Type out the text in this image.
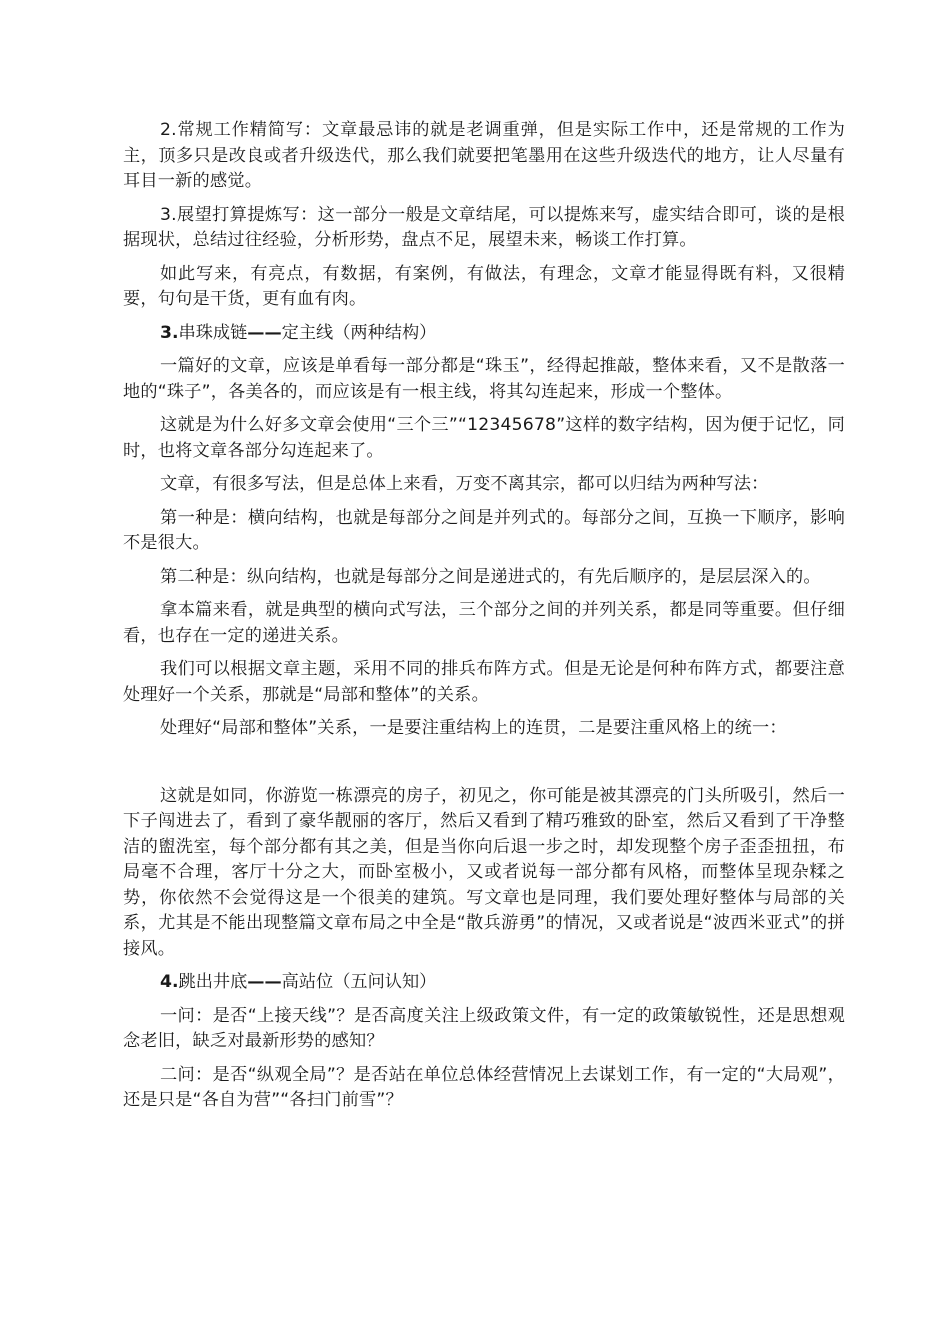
2.常规工作精简写：文章最忌讳的就是老调重弹，但是实际工作中，还是常规的工作为主，顶多只是改良或者升级迭代，那么我们就要把笔墨用在这些升级迭代的地方，让人尽量有耳目一新的感觉。

3.展望打算提炼写：这一部分一般是文章结尾，可以提炼来写，虚实结合即可，谈的是根据现状，总结过往经验，分析形势，盘点不足，展望未来，畅谈工作打算。

如此写来，有亮点，有数据，有案例，有做法，有理念，文章才能显得既有料，又很精要，句句是干货，更有血有肉。

3.串珠成链——定主线（两种结构）

一篇好的文章，应该是单看每一部分都是“珠玉”，经得起推敲，整体来看，又不是散落一地的“珠子”，各美各的，而应该是有一根主线，将其勾连起来，形成一个整体。

这就是为什么好多文章会使用“三个三”“12345678”这样的数字结构，因为便于记忆，同时，也将文章各部分勾连起来了。

文章，有很多写法，但是总体上来看，万变不离其宗，都可以归结为两种写法：

第一种是：横向结构，也就是每部分之间是并列式的。每部分之间，互换一下顺序，影响不是很大。

第二种是：纵向结构，也就是每部分之间是递进式的，有先后顺序的，是层层深入的。

拿本篇来看，就是典型的横向式写法，三个部分之间的并列关系，都是同等重要。但仔细看，也存在一定的递进关系。

我们可以根据文章主题，采用不同的排兵布阵方式。但是无论是何种布阵方式，都要注意处理好一个关系，那就是“局部和整体”的关系。

处理好“局部和整体”关系，一是要注重结构上的连贯，二是要注重风格上的统一：

这就是如同，你游览一栋漂亮的房子，初见之，你可能是被其漂亮的门头所吸引，然后一下子闯进去了，看到了豪华靓丽的客厅，然后又看到了精巧雅致的卧室，然后又看到了干净整洁的盥洗室，每个部分都有其之美，但是当你向后退一步之时，却发现整个房子歪歪扭扭，布局毫不合理，客厅十分之大，而卧室极小，又或者说每一部分都有风格，而整体呈现杂糅之势，你依然不会觉得这是一个很美的建筑。写文章也是同理，我们要处理好整体与局部的关系，尤其是不能出现整篇文章布局之中全是“散兵游勇”的情况，又或者说是“波西米亚式”的拼接风。

4.跳出井底——高站位（五问认知）

一问：是否“上接天线”？是否高度关注上级政策文件，有一定的政策敏锐性，还是思想观念老旧，缺乏对最新形势的感知？

二问：是否“纵观全局”？是否站在单位总体经营情况上去谋划工作，有一定的“大局观”，还是只是“各自为营”“各扫门前雪”？
